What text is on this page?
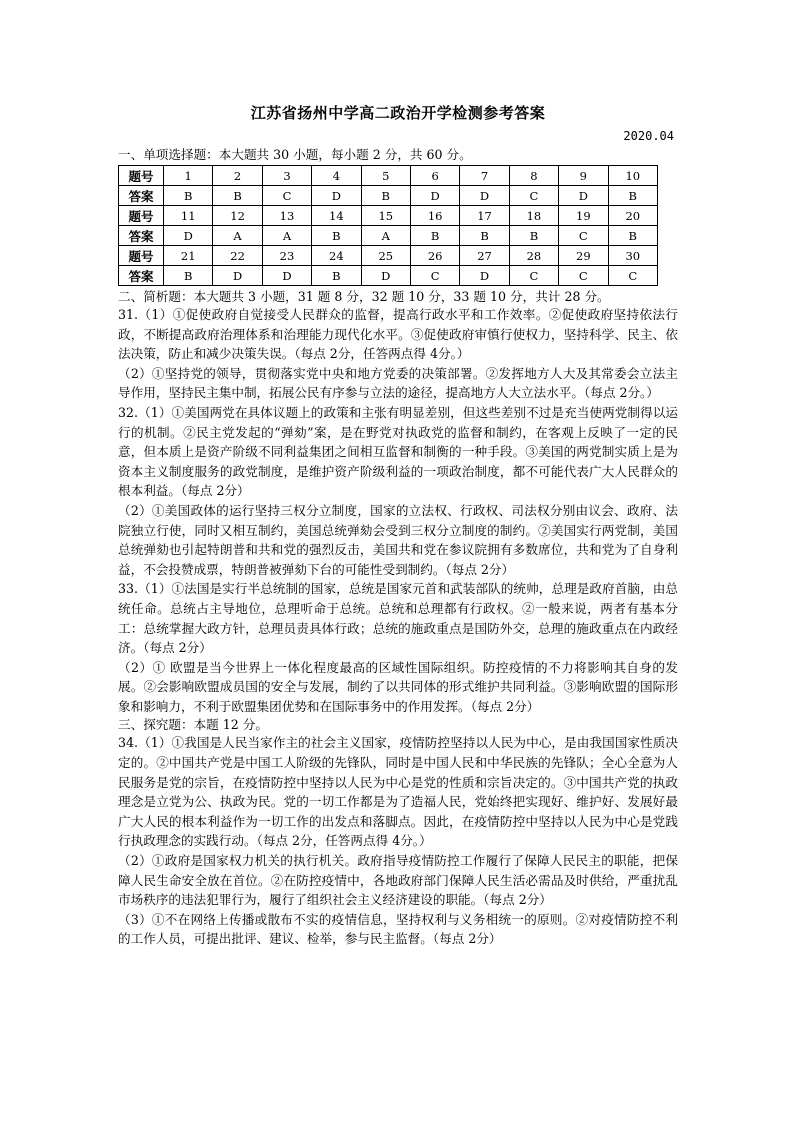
江苏省扬州中学高二政治开学检测参考答案
2020.04
一、单项选择题：本大题共 30 小题，每小题 2 分，共 60 分。
题号	1	2	3	4	5	6	7	8	9	10
答案	B	B	C	D	B	D	D	C	D	B
题号	11	12	13	14	15	16	17	18	19	20
答案	D	A	A	B	A	B	B	B	C	B
题号	21	22	23	24	25	26	27	28	29	30
答案	B	D	D	B	D	C	D	C	C	C
二、简析题：本大题共 3 小题，31 题 8 分，32 题 10 分，33 题 10 分，共计 28 分。

31.（1）①促使政府自觉接受人民群众的监督，提高行政水平和工作效率。②促使政府坚持依法行政，不断提高政府治理体系和治理能力现代化水平。③促使政府审慎行使权力，坚持科学、民主、依法决策，防止和减少决策失误。（每点 2分，任答两点得 4分。）

（2）①坚持党的领导，贯彻落实党中央和地方党委的决策部署。②发挥地方人大及其常委会立法主导作用，坚持民主集中制，拓展公民有序参与立法的途径，提高地方人大立法水平。（每点 2分。）

32.（1）①美国两党在具体议题上的政策和主张有明显差别，但这些差别不过是充当使两党制得以运行的机制。②民主党发起的“弹劾”案，是在野党对执政党的监督和制约，在客观上反映了一定的民意，但本质上是资产阶级不同利益集团之间相互监督和制衡的一种手段。③美国的两党制实质上是为资本主义制度服务的政党制度，是维护资产阶级利益的一项政治制度，都不可能代表广大人民群众的根本利益。（每点 2分）

（2）①美国政体的运行坚持三权分立制度，国家的立法权、行政权、司法权分别由议会、政府、法院独立行使，同时又相互制约，美国总统弹劾会受到三权分立制度的制约。②美国实行两党制，美国总统弹劾也引起特朗普和共和党的强烈反击，美国共和党在参议院拥有多数席位，共和党为了自身利益，不会投赞成票，特朗普被弹劾下台的可能性受到制约。（每点 2分）

33.（1）①法国是实行半总统制的国家，总统是国家元首和武装部队的统帅，总理是政府首脑，由总统任命。总统占主导地位，总理听命于总统。总统和总理都有行政权。②一般来说，两者有基本分工：总统掌握大政方针，总理员责具体行政；总统的施政重点是国防外交，总理的施政重点在内政经济。（每点 2分）

（2）① 欧盟是当今世界上一体化程度最高的区域性国际组织。防控疫情的不力将影响其自身的发展。②会影响欧盟成员国的安全与发展，制约了以共同体的形式维护共同利益。③影响欧盟的国际形象和影响力，不利于欧盟集团优势和在国际事务中的作用发挥。（每点 2分）

三、探究题：本题 12 分。

34.（1）①我国是人民当家作主的社会主义国家，疫情防控坚持以人民为中心，是由我国国家性质决定的。②中国共产党是中国工人阶级的先锋队，同时是中国人民和中华民族的先锋队；全心全意为人民服务是党的宗旨，在疫情防控中坚持以人民为中心是党的性质和宗旨决定的。③中国共产党的执政理念是立党为公、执政为民。党的一切工作都是为了造福人民，党始终把实现好、维护好、发展好最广大人民的根本利益作为一切工作的出发点和落脚点。因此，在疫情防控中坚持以人民为中心是党践行执政理念的实践行动。（每点 2分，任答两点得 4分。）

（2）①政府是国家权力机关的执行机关。政府指导疫情防控工作履行了保障人民民主的职能，把保障人民生命安全放在首位。②在防控疫情中，各地政府部门保障人民生活必需品及时供给，严重扰乱市场秩序的违法犯罪行为，履行了组织社会主义经济建设的职能。（每点 2分）

（3）①不在网络上传播或散布不实的疫情信息，坚持权利与义务相统一的原则。②对疫情防控不利的工作人员，可提出批评、建议、检举，参与民主监督。（每点 2分）
